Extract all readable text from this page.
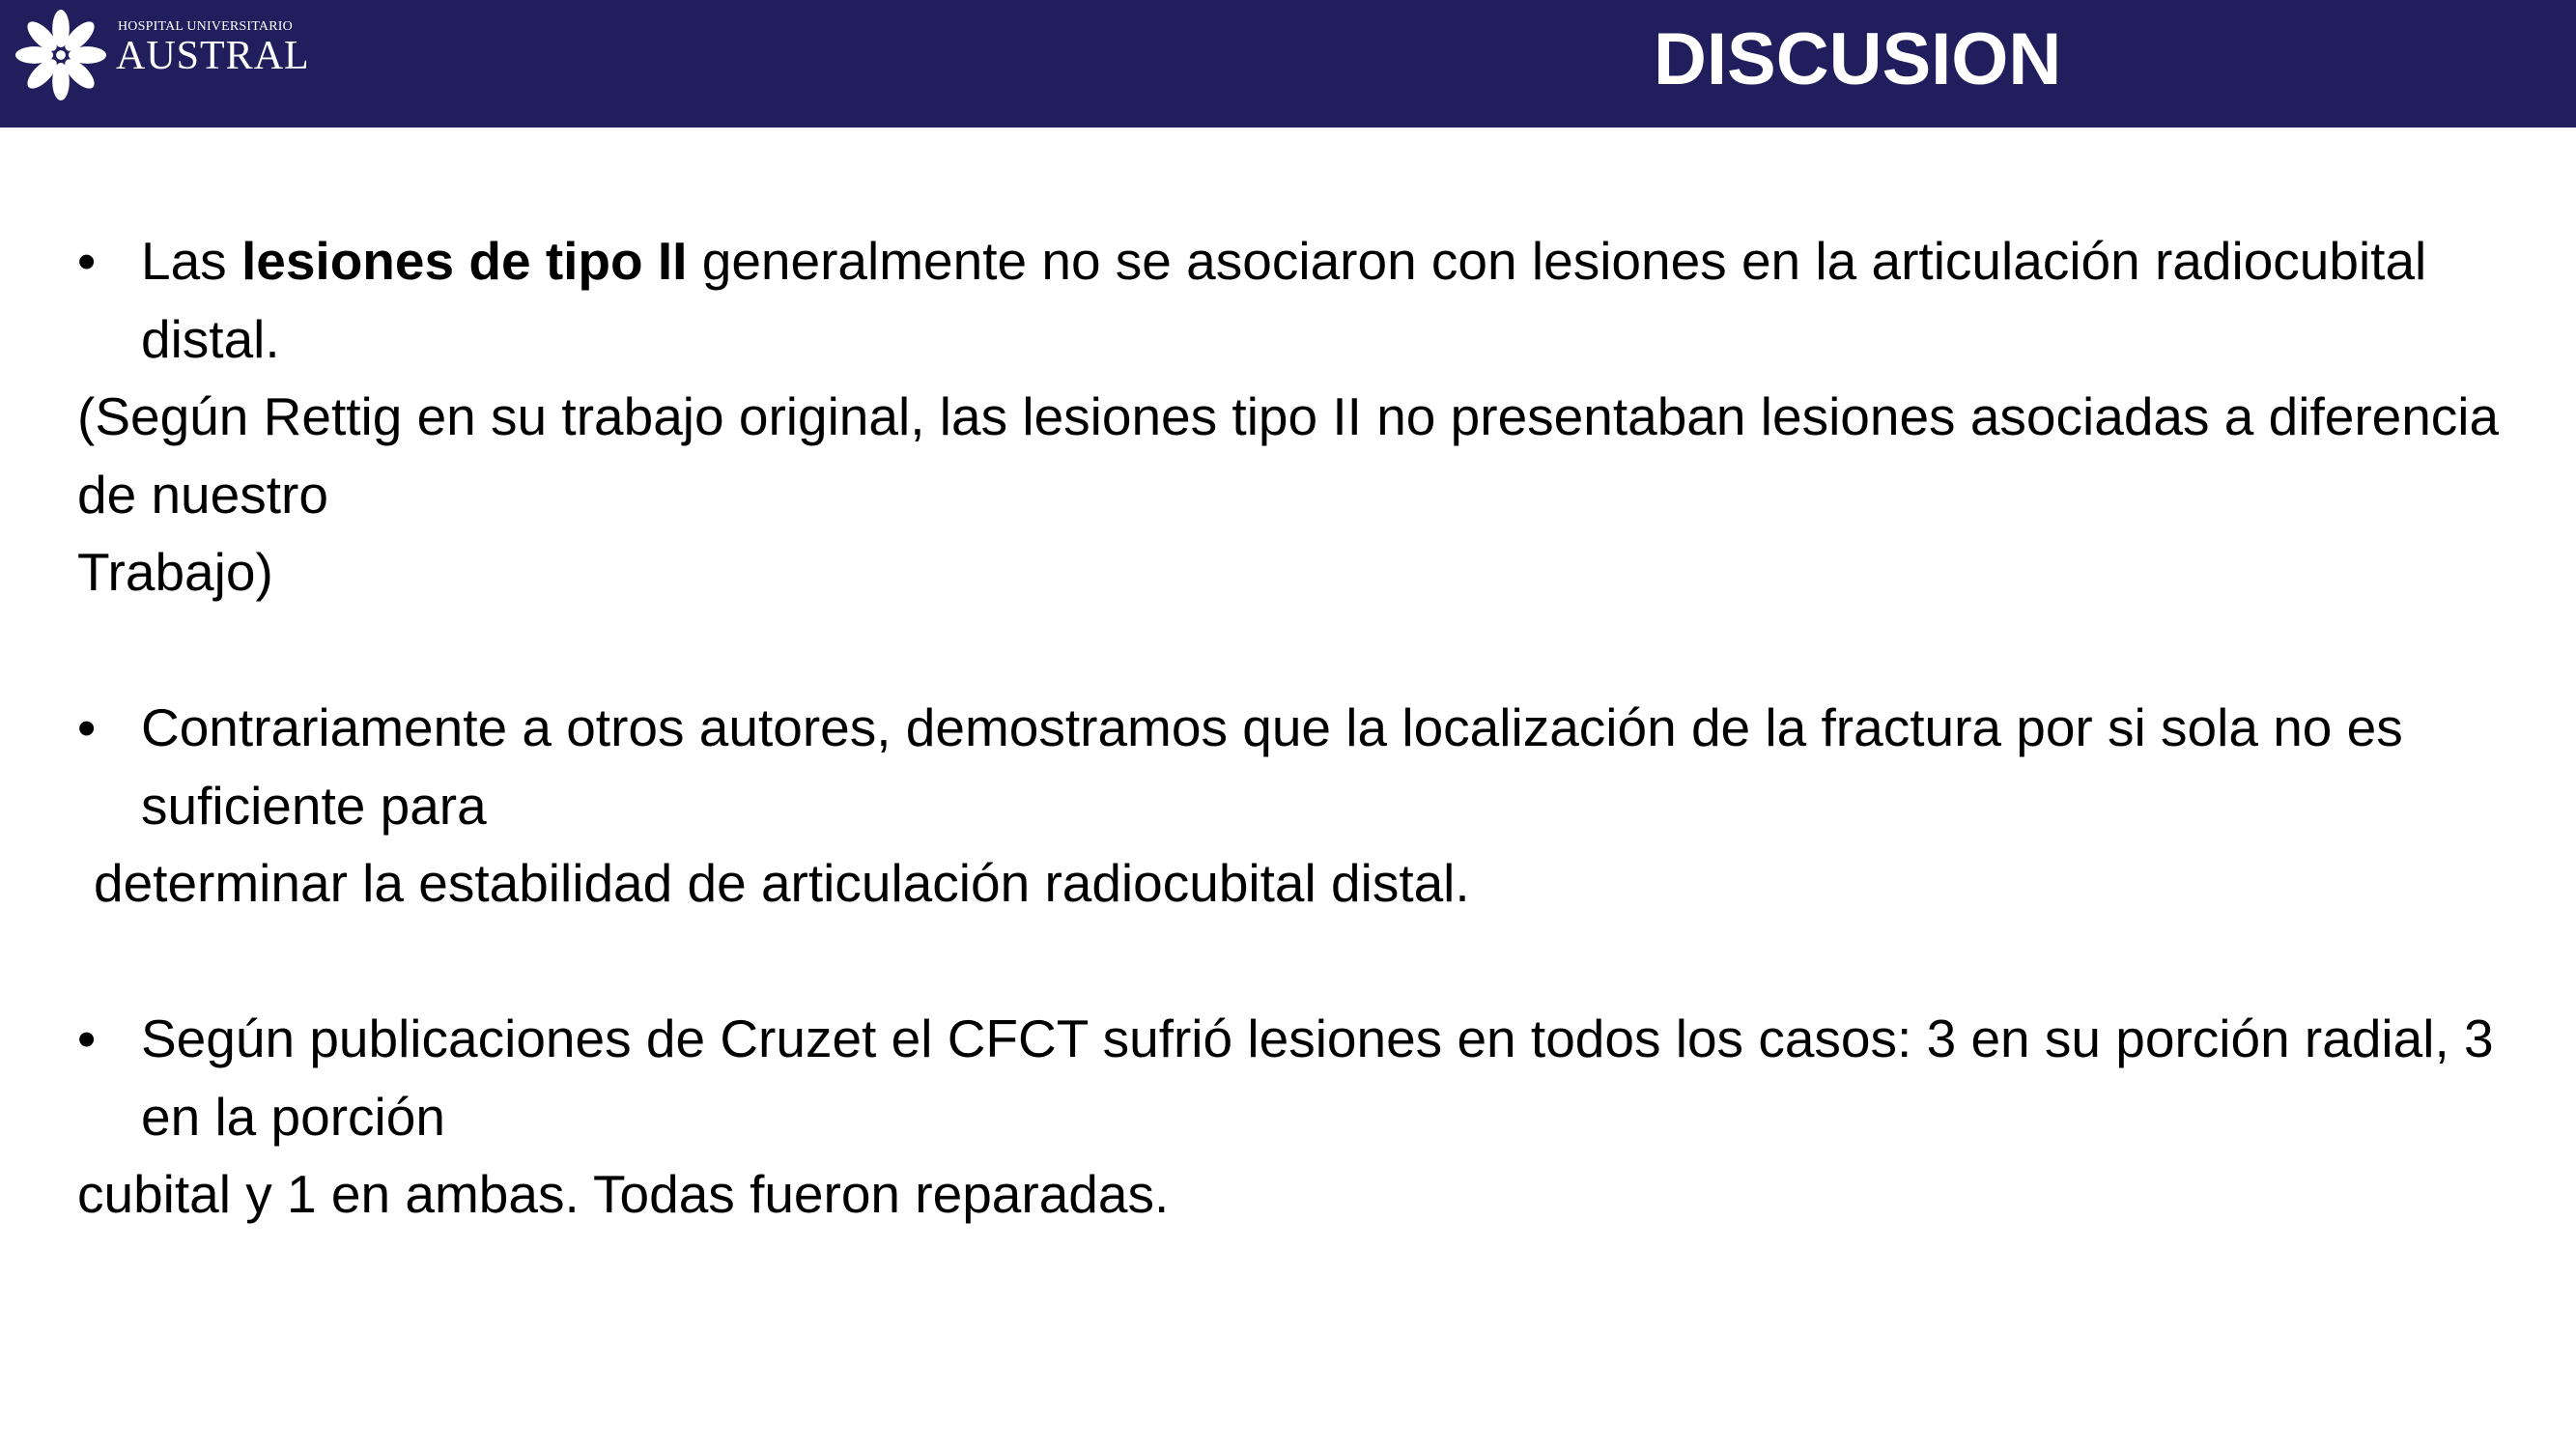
HOSPITAL UNIVERSITARIO
AUSTRAL	DISCUSION
• Las lesiones de tipo II generalmente no se asociaron con lesiones en la articulación radiocubital distal.
(Según Rettig en su trabajo original, las lesiones tipo II no presentaban lesiones asociadas a diferencia de nuestro
Trabajo)
• Contrariamente a otros autores, demostramos que la localización de la fractura por si sola no es suficiente para
determinar la estabilidad de articulación radiocubital distal.
• Según publicaciones de Cruzet el CFCT sufrió lesiones en todos los casos: 3 en su porción radial, 3 en la porción
cubital y 1 en ambas. Todas fueron reparadas.
